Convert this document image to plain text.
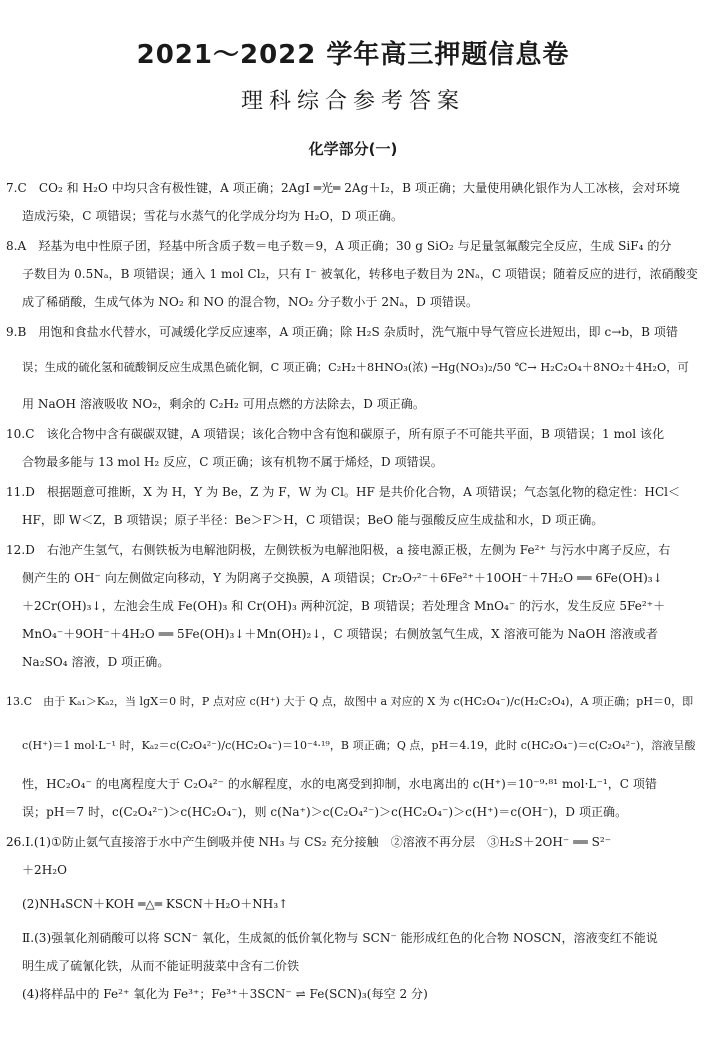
2021～2022 学年高三押题信息卷
理科综合参考答案
化学部分(一)
7.C　CO₂ 和 H₂O 中均只含有极性键，A 项正确；2AgI ═光═ 2Ag＋I₂，B 项正确；大量使用碘化银作为人工冰核，会对环境
造成污染，C 项错误；雪花与水蒸气的化学成分均为 H₂O，D 项正确。
8.A　羟基为电中性原子团，羟基中所含质子数＝电子数＝9，A 项正确；30 g SiO₂ 与足量氢氟酸完全反应，生成 SiF₄ 的分
子数目为 0.5Nₐ，B 项错误；通入 1 mol Cl₂，只有 I⁻ 被氧化，转移电子数目为 2Nₐ，C 项错误；随着反应的进行，浓硝酸变
成了稀硝酸，生成气体为 NO₂ 和 NO 的混合物，NO₂ 分子数小于 2Nₐ，D 项错误。
9.B　用饱和食盐水代替水，可减缓化学反应速率，A 项正确；除 H₂S 杂质时，洗气瓶中导气管应长进短出，即 c→b，B 项错
误；生成的硫化氢和硫酸铜反应生成黑色硫化铜，C 项正确；C₂H₂＋8HNO₃(浓) ─Hg(NO₃)₂/50 ℃→ H₂C₂O₄＋8NO₂＋4H₂O，可
用 NaOH 溶液吸收 NO₂，剩余的 C₂H₂ 可用点燃的方法除去，D 项正确。
10.C　该化合物中含有碳碳双键，A 项错误；该化合物中含有饱和碳原子，所有原子不可能共平面，B 项错误；1 mol 该化
合物最多能与 13 mol H₂ 反应，C 项正确；该有机物不属于烯烃，D 项错误。
11.D　根据题意可推断，X 为 H，Y 为 Be，Z 为 F，W 为 Cl。HF 是共价化合物，A 项错误；气态氢化物的稳定性：HCl＜
HF，即 W＜Z，B 项错误；原子半径：Be＞F＞H，C 项错误；BeO 能与强酸反应生成盐和水，D 项正确。
12.D　右池产生氢气，右侧铁板为电解池阴极，左侧铁板为电解池阳极，a 接电源正极，左侧为 Fe²⁺ 与污水中离子反应，右
侧产生的 OH⁻ 向左侧做定向移动，Y 为阴离子交换膜，A 项错误；Cr₂O₇²⁻＋6Fe²⁺＋10OH⁻＋7H₂O ══ 6Fe(OH)₃↓
＋2Cr(OH)₃↓，左池会生成 Fe(OH)₃ 和 Cr(OH)₃ 两种沉淀，B 项错误；若处理含 MnO₄⁻ 的污水，发生反应 5Fe²⁺＋
MnO₄⁻＋9OH⁻＋4H₂O ══ 5Fe(OH)₃↓＋Mn(OH)₂↓，C 项错误；右侧放氢气生成，X 溶液可能为 NaOH 溶液或者
Na₂SO₄ 溶液，D 项正确。
13.C　由于 Kₐ₁＞Kₐ₂，当 lgX＝0 时，P 点对应 c(H⁺) 大于 Q 点，故图中 a 对应的 X 为 c(HC₂O₄⁻)/c(H₂C₂O₄)，A 项正确；pH＝0，即
c(H⁺)＝1 mol·L⁻¹ 时，Kₐ₂＝c(C₂O₄²⁻)/c(HC₂O₄⁻)＝10⁻⁴·¹⁹，B 项正确；Q 点，pH＝4.19，此时 c(HC₂O₄⁻)＝c(C₂O₄²⁻)，溶液呈酸
性，HC₂O₄⁻ 的电离程度大于 C₂O₄²⁻ 的水解程度，水的电离受到抑制，水电离出的 c(H⁺)＝10⁻⁹·⁸¹ mol·L⁻¹，C 项错
误；pH＝7 时，c(C₂O₄²⁻)＞c(HC₂O₄⁻)，则 c(Na⁺)＞c(C₂O₄²⁻)＞c(HC₂O₄⁻)＞c(H⁺)＝c(OH⁻)，D 项正确。
26.Ⅰ.(1)①防止氨气直接溶于水中产生倒吸并使 NH₃ 与 CS₂ 充分接触　②溶液不再分层　③H₂S＋2OH⁻ ══ S²⁻
＋2H₂O
(2)NH₄SCN＋KOH ═△═ KSCN＋H₂O＋NH₃↑
Ⅱ.(3)强氧化剂硝酸可以将 SCN⁻ 氧化，生成氮的低价氧化物与 SCN⁻ 能形成红色的化合物 NOSCN，溶液变红不能说
明生成了硫氰化铁，从而不能证明菠菜中含有二价铁
(4)将样品中的 Fe²⁺ 氧化为 Fe³⁺；Fe³⁺＋3SCN⁻ ⇌ Fe(SCN)₃(每空 2 分)
